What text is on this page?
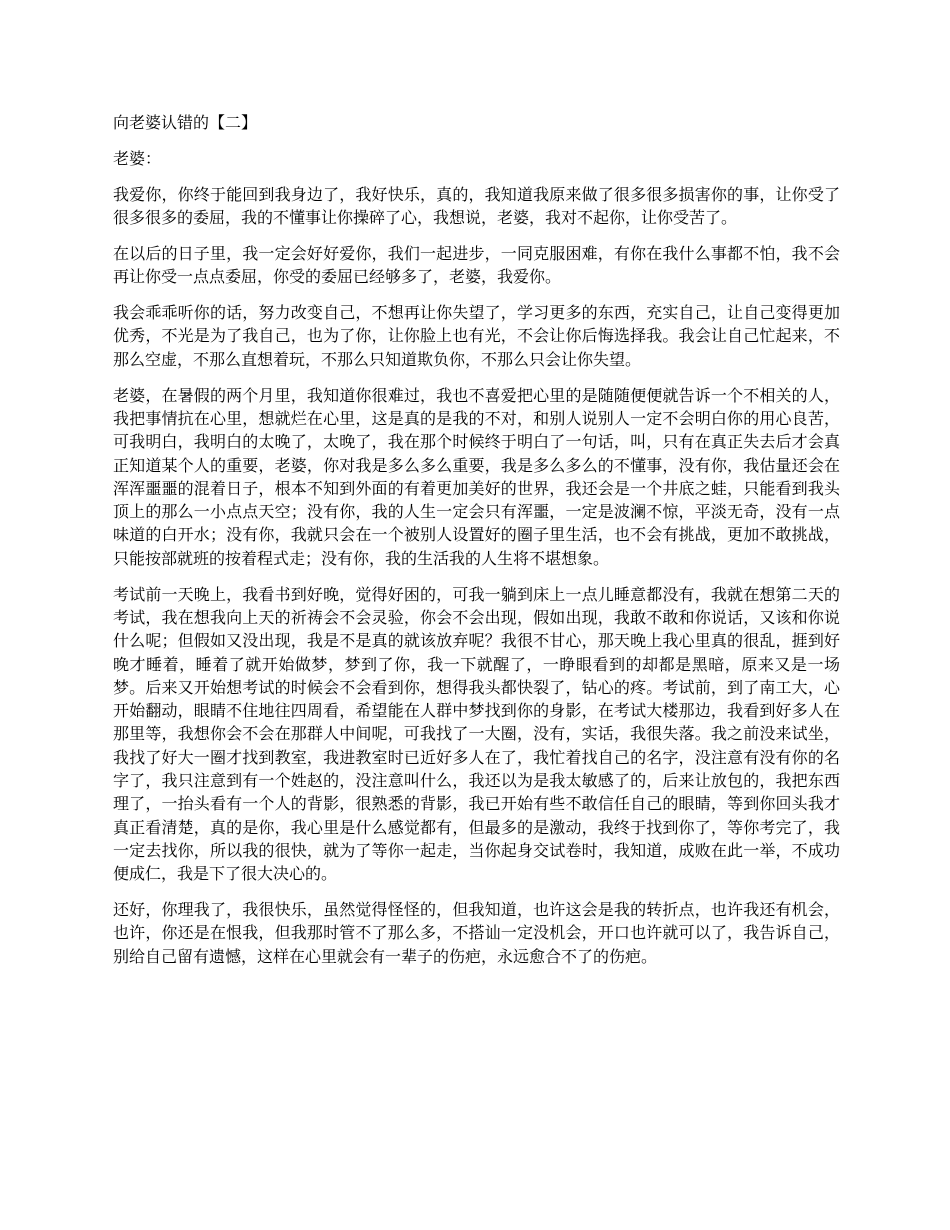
向老婆认错的【二】

老婆：

我爱你，你终于能回到我身边了，我好快乐，真的，我知道我原来做了很多很多损害你的事，让你受了很多很多的委屈，我的不懂事让你操碎了心，我想说，老婆，我对不起你，让你受苦了。

在以后的日子里，我一定会好好爱你，我们一起进步，一同克服困难，有你在我什么事都不怕，我不会再让你受一点点委屈，你受的委屈已经够多了，老婆，我爱你。

我会乖乖听你的话，努力改变自己，不想再让你失望了，学习更多的东西，充实自己，让自己变得更加优秀，不光是为了我自己，也为了你，让你脸上也有光，不会让你后悔选择我。我会让自己忙起来，不那么空虚，不那么直想着玩，不那么只知道欺负你，不那么只会让你失望。

老婆，在暑假的两个月里，我知道你很难过，我也不喜爱把心里的是随随便便就告诉一个不相关的人，我把事情抗在心里，想就烂在心里，这是真的是我的不对，和别人说别人一定不会明白你的用心良苦，可我明白，我明白的太晚了，太晚了，我在那个时候终于明白了一句话，叫，只有在真正失去后才会真正知道某个人的重要，老婆，你对我是多么多么重要，我是多么多么的不懂事，没有你，我估量还会在浑浑噩噩的混着日子，根本不知到外面的有着更加美好的世界，我还会是一个井底之蛙，只能看到我头顶上的那么一小点点天空；没有你，我的人生一定会只有浑噩，一定是波澜不惊，平淡无奇，没有一点味道的白开水；没有你，我就只会在一个被别人设置好的圈子里生活，也不会有挑战，更加不敢挑战，只能按部就班的按着程式走；没有你，我的生活我的人生将不堪想象。

考试前一天晚上，我看书到好晚，觉得好困的，可我一躺到床上一点儿睡意都没有，我就在想第二天的考试，我在想我向上天的祈祷会不会灵验，你会不会出现，假如出现，我敢不敢和你说话，又该和你说什么呢；但假如又没出现，我是不是真的就该放弃呢？我很不甘心，那天晚上我心里真的很乱，捱到好晚才睡着，睡着了就开始做梦，梦到了你，我一下就醒了，一睁眼看到的却都是黑暗，原来又是一场梦。后来又开始想考试的时候会不会看到你，想得我头都快裂了，钻心的疼。考试前，到了南工大，心开始翻动，眼睛不住地往四周看，希望能在人群中梦找到你的身影，在考试大楼那边，我看到好多人在那里等，我想你会不会在那群人中间呢，可我找了一大圈，没有，实话，我很失落。我之前没来试坐，我找了好大一圈才找到教室，我进教室时已近好多人在了，我忙着找自己的名字，没注意有没有你的名字了，我只注意到有一个姓赵的，没注意叫什么，我还以为是我太敏感了的，后来让放包的，我把东西理了，一抬头看有一个人的背影，很熟悉的背影，我已开始有些不敢信任自己的眼睛，等到你回头我才真正看清楚，真的是你，我心里是什么感觉都有，但最多的是激动，我终于找到你了，等你考完了，我一定去找你，所以我的很快，就为了等你一起走，当你起身交试卷时，我知道，成败在此一举，不成功便成仁，我是下了很大决心的。

还好，你理我了，我很快乐，虽然觉得怪怪的，但我知道，也许这会是我的转折点，也许我还有机会，也许，你还是在恨我，但我那时管不了那么多，不搭讪一定没机会，开口也许就可以了，我告诉自己，别给自己留有遗憾，这样在心里就会有一辈子的伤疤，永远愈合不了的伤疤。
